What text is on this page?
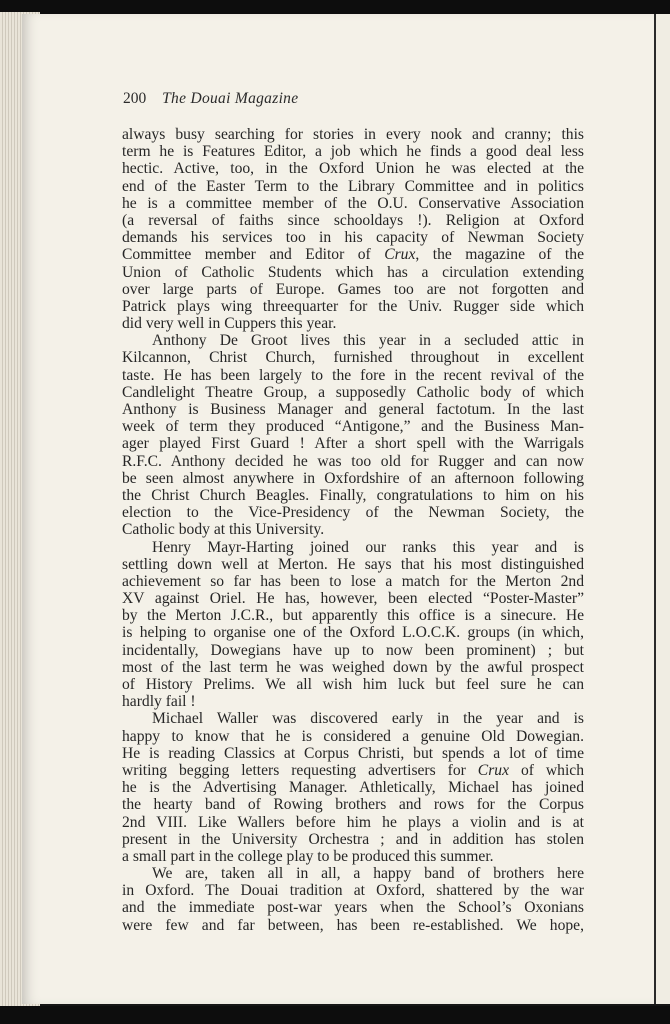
200 The Douai Magazine
always busy searching for stories in every nook and cranny; this
term he is Features Editor, a job which he finds a good deal less
hectic. Active, too, in the Oxford Union he was elected at the
end of the Easter Term to the Library Committee and in politics
he is a committee member of the O.U. Conservative Association
(a reversal of faiths since schooldays !). Religion at Oxford
demands his services too in his capacity of Newman Society
Committee member and Editor of Crux, the magazine of the
Union of Catholic Students which has a circulation extending
over large parts of Europe. Games too are not forgotten and
Patrick plays wing threequarter for the Univ. Rugger side which
did very well in Cuppers this year.
Anthony De Groot lives this year in a secluded attic in
Kilcannon, Christ Church, furnished throughout in excellent
taste. He has been largely to the fore in the recent revival of the
Candlelight Theatre Group, a supposedly Catholic body of which
Anthony is Business Manager and general factotum. In the last
week of term they produced “Antigone,” and the Business Man-
ager played First Guard ! After a short spell with the Warrigals
R.F.C. Anthony decided he was too old for Rugger and can now
be seen almost anywhere in Oxfordshire of an afternoon following
the Christ Church Beagles. Finally, congratulations to him on his
election to the Vice-Presidency of the Newman Society, the
Catholic body at this University.
Henry Mayr-Harting joined our ranks this year and is
settling down well at Merton. He says that his most distinguished
achievement so far has been to lose a match for the Merton 2nd
XV against Oriel. He has, however, been elected “Poster-Master”
by the Merton J.C.R., but apparently this office is a sinecure. He
is helping to organise one of the Oxford L.O.C.K. groups (in which,
incidentally, Dowegians have up to now been prominent) ; but
most of the last term he was weighed down by the awful prospect
of History Prelims. We all wish him luck but feel sure he can
hardly fail !
Michael Waller was discovered early in the year and is
happy to know that he is considered a genuine Old Dowegian.
He is reading Classics at Corpus Christi, but spends a lot of time
writing begging letters requesting advertisers for Crux of which
he is the Advertising Manager. Athletically, Michael has joined
the hearty band of Rowing brothers and rows for the Corpus
2nd VIII. Like Wallers before him he plays a violin and is at
present in the University Orchestra ; and in addition has stolen
a small part in the college play to be produced this summer.
We are, taken all in all, a happy band of brothers here
in Oxford. The Douai tradition at Oxford, shattered by the war
and the immediate post-war years when the School’s Oxonians
were few and far between, has been re-established. We hope,
